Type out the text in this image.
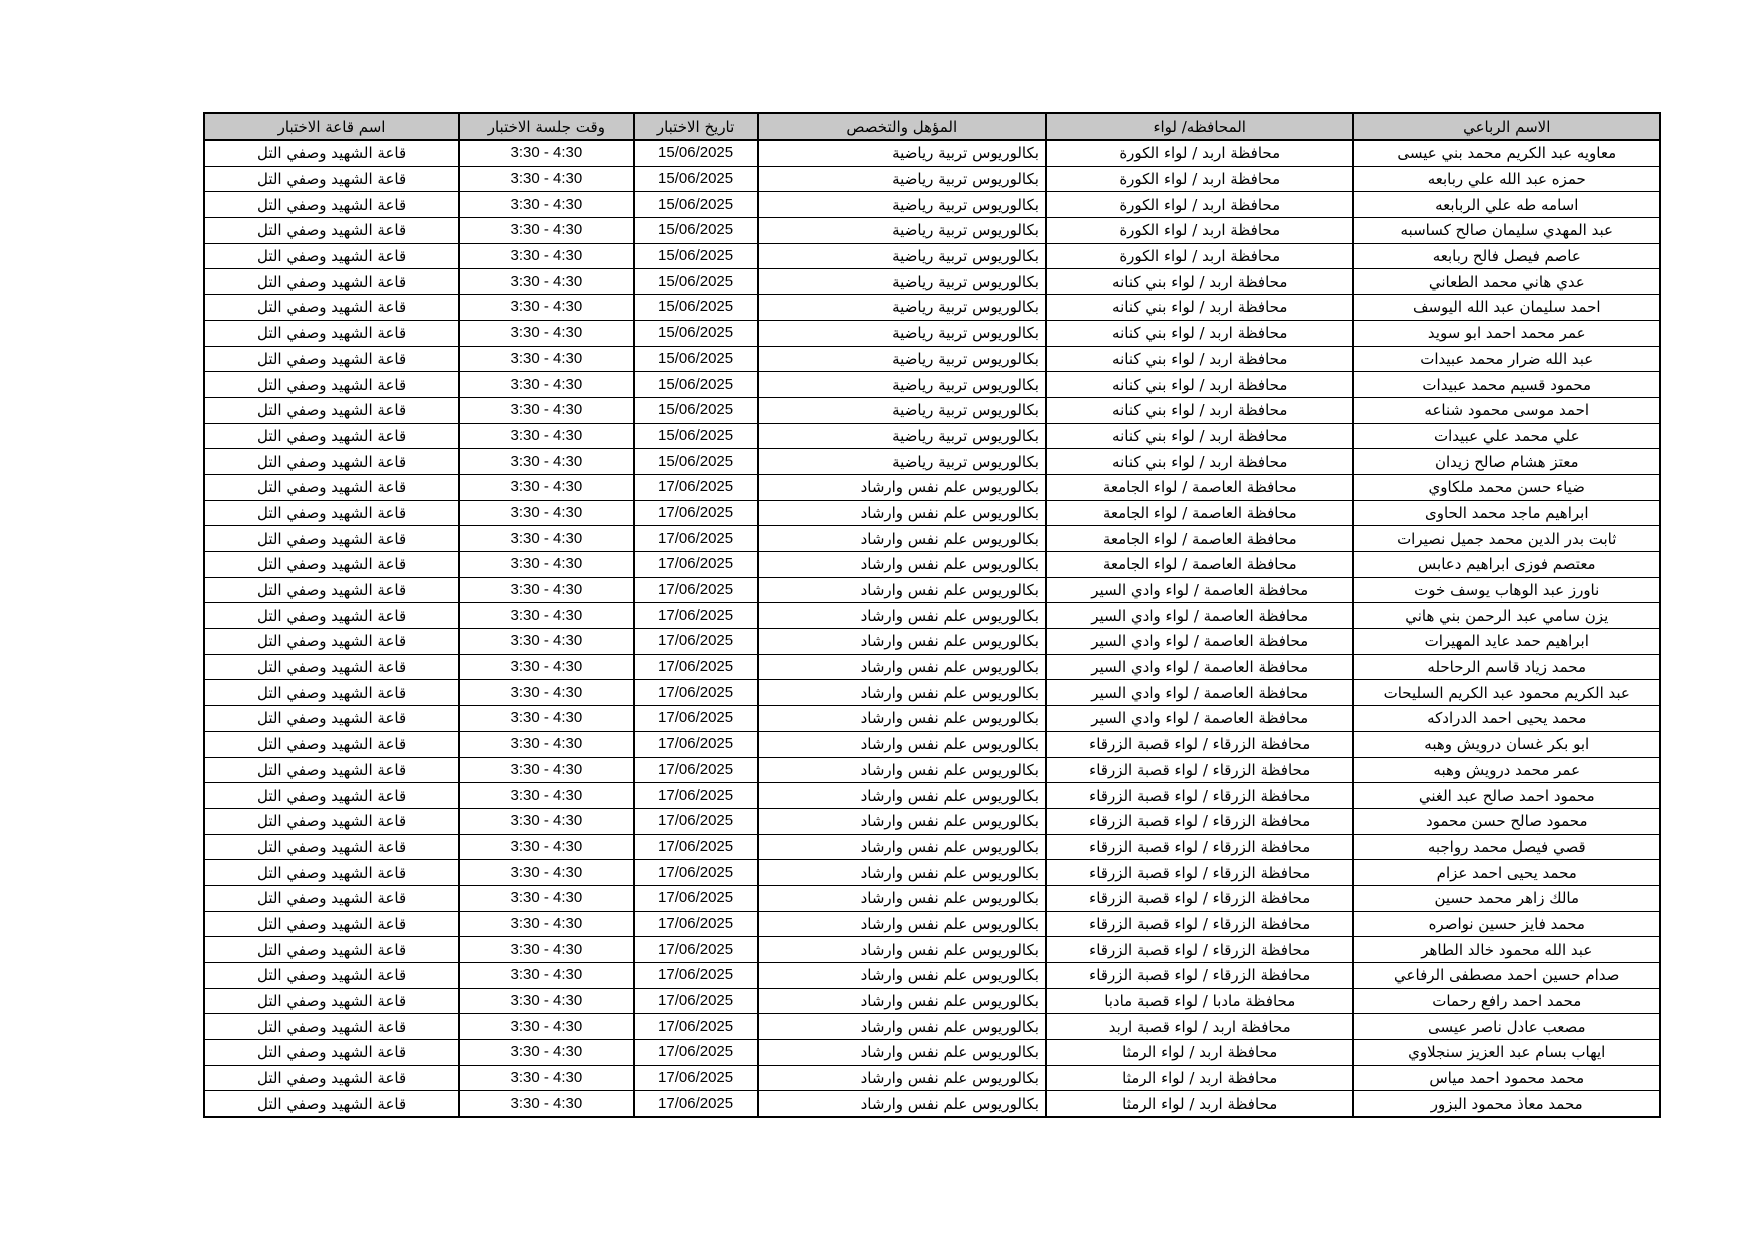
الاسم الرباعي	المحافظه/ لواء	المؤهل والتخصص	تاريخ الاختبار	وقت جلسة الاختبار	اسم قاعة الاختبار
معاويه عبد الكريم محمد بني عيسى	محافظة اربد / لواء الكورة	بكالوريوس تربية رياضية	15/06/2025	3:30 - 4:30	قاعة الشهيد وصفي التل
حمزه عبد الله علي ربابعه	محافظة اربد / لواء الكورة	بكالوريوس تربية رياضية	15/06/2025	3:30 - 4:30	قاعة الشهيد وصفي التل
اسامه طه علي الربابعه	محافظة اربد / لواء الكورة	بكالوريوس تربية رياضية	15/06/2025	3:30 - 4:30	قاعة الشهيد وصفي التل
عبد المهدي سليمان صالح كساسبه	محافظة اربد / لواء الكورة	بكالوريوس تربية رياضية	15/06/2025	3:30 - 4:30	قاعة الشهيد وصفي التل
عاصم فيصل فالح ربابعه	محافظة اربد / لواء الكورة	بكالوريوس تربية رياضية	15/06/2025	3:30 - 4:30	قاعة الشهيد وصفي التل
عدي هاني محمد الطعاني	محافظة اربد / لواء بني كنانه	بكالوريوس تربية رياضية	15/06/2025	3:30 - 4:30	قاعة الشهيد وصفي التل
احمد سليمان عبد الله اليوسف	محافظة اربد / لواء بني كنانه	بكالوريوس تربية رياضية	15/06/2025	3:30 - 4:30	قاعة الشهيد وصفي التل
عمر محمد احمد ابو سويد	محافظة اربد / لواء بني كنانه	بكالوريوس تربية رياضية	15/06/2025	3:30 - 4:30	قاعة الشهيد وصفي التل
عبد الله ضرار محمد عبيدات	محافظة اربد / لواء بني كنانه	بكالوريوس تربية رياضية	15/06/2025	3:30 - 4:30	قاعة الشهيد وصفي التل
محمود قسيم محمد عبيدات	محافظة اربد / لواء بني كنانه	بكالوريوس تربية رياضية	15/06/2025	3:30 - 4:30	قاعة الشهيد وصفي التل
احمد موسى محمود شناعه	محافظة اربد / لواء بني كنانه	بكالوريوس تربية رياضية	15/06/2025	3:30 - 4:30	قاعة الشهيد وصفي التل
علي محمد علي عبيدات	محافظة اربد / لواء بني كنانه	بكالوريوس تربية رياضية	15/06/2025	3:30 - 4:30	قاعة الشهيد وصفي التل
معتز هشام صالح زيدان	محافظة اربد / لواء بني كنانه	بكالوريوس تربية رياضية	15/06/2025	3:30 - 4:30	قاعة الشهيد وصفي التل
ضياء حسن محمد ملكاوي	محافظة العاصمة / لواء الجامعة	بكالوريوس علم نفس وارشاد	17/06/2025	3:30 - 4:30	قاعة الشهيد وصفي التل
ابراهيم ماجد محمد الحاوى	محافظة العاصمة / لواء الجامعة	بكالوريوس علم نفس وارشاد	17/06/2025	3:30 - 4:30	قاعة الشهيد وصفي التل
ثابت بدر الدين محمد جميل نصيرات	محافظة العاصمة / لواء الجامعة	بكالوريوس علم نفس وارشاد	17/06/2025	3:30 - 4:30	قاعة الشهيد وصفي التل
معتصم فوزى ابراهيم دعابس	محافظة العاصمة / لواء الجامعة	بكالوريوس علم نفس وارشاد	17/06/2025	3:30 - 4:30	قاعة الشهيد وصفي التل
ناورز عبد الوهاب يوسف خوت	محافظة العاصمة / لواء وادي السير	بكالوريوس علم نفس وارشاد	17/06/2025	3:30 - 4:30	قاعة الشهيد وصفي التل
يزن سامي عبد الرحمن بني هاني	محافظة العاصمة / لواء وادي السير	بكالوريوس علم نفس وارشاد	17/06/2025	3:30 - 4:30	قاعة الشهيد وصفي التل
ابراهيم حمد عايد المهيرات	محافظة العاصمة / لواء وادي السير	بكالوريوس علم نفس وارشاد	17/06/2025	3:30 - 4:30	قاعة الشهيد وصفي التل
محمد زياد قاسم الرحاحله	محافظة العاصمة / لواء وادي السير	بكالوريوس علم نفس وارشاد	17/06/2025	3:30 - 4:30	قاعة الشهيد وصفي التل
عبد الكريم محمود عبد الكريم السليحات	محافظة العاصمة / لواء وادي السير	بكالوريوس علم نفس وارشاد	17/06/2025	3:30 - 4:30	قاعة الشهيد وصفي التل
محمد يحيى احمد الدرادكه	محافظة العاصمة / لواء وادي السير	بكالوريوس علم نفس وارشاد	17/06/2025	3:30 - 4:30	قاعة الشهيد وصفي التل
ابو بكر غسان درويش وهبه	محافظة الزرقاء / لواء قصبة الزرقاء	بكالوريوس علم نفس وارشاد	17/06/2025	3:30 - 4:30	قاعة الشهيد وصفي التل
عمر محمد درويش وهبه	محافظة الزرقاء / لواء قصبة الزرقاء	بكالوريوس علم نفس وارشاد	17/06/2025	3:30 - 4:30	قاعة الشهيد وصفي التل
محمود احمد صالح عبد الغني	محافظة الزرقاء / لواء قصبة الزرقاء	بكالوريوس علم نفس وارشاد	17/06/2025	3:30 - 4:30	قاعة الشهيد وصفي التل
محمود صالح حسن محمود	محافظة الزرقاء / لواء قصبة الزرقاء	بكالوريوس علم نفس وارشاد	17/06/2025	3:30 - 4:30	قاعة الشهيد وصفي التل
قصي فيصل محمد رواجبه	محافظة الزرقاء / لواء قصبة الزرقاء	بكالوريوس علم نفس وارشاد	17/06/2025	3:30 - 4:30	قاعة الشهيد وصفي التل
محمد يحيى احمد عزام	محافظة الزرقاء / لواء قصبة الزرقاء	بكالوريوس علم نفس وارشاد	17/06/2025	3:30 - 4:30	قاعة الشهيد وصفي التل
مالك زاهر محمد حسين	محافظة الزرقاء / لواء قصبة الزرقاء	بكالوريوس علم نفس وارشاد	17/06/2025	3:30 - 4:30	قاعة الشهيد وصفي التل
محمد فايز حسين نواصره	محافظة الزرقاء / لواء قصبة الزرقاء	بكالوريوس علم نفس وارشاد	17/06/2025	3:30 - 4:30	قاعة الشهيد وصفي التل
عبد الله محمود خالد الطاهر	محافظة الزرقاء / لواء قصبة الزرقاء	بكالوريوس علم نفس وارشاد	17/06/2025	3:30 - 4:30	قاعة الشهيد وصفي التل
صدام حسين احمد مصطفى الرفاعي	محافظة الزرقاء / لواء قصبة الزرقاء	بكالوريوس علم نفس وارشاد	17/06/2025	3:30 - 4:30	قاعة الشهيد وصفي التل
محمد احمد رافع رحمات	محافظة مادبا / لواء قصبة مادبا	بكالوريوس علم نفس وارشاد	17/06/2025	3:30 - 4:30	قاعة الشهيد وصفي التل
مصعب عادل ناصر عيسى	محافظة اربد / لواء قصبة اربد	بكالوريوس علم نفس وارشاد	17/06/2025	3:30 - 4:30	قاعة الشهيد وصفي التل
ايهاب بسام عبد العزيز سنجلاوي	محافظة اربد / لواء الرمثا	بكالوريوس علم نفس وارشاد	17/06/2025	3:30 - 4:30	قاعة الشهيد وصفي التل
محمد محمود احمد مياس	محافظة اربد / لواء الرمثا	بكالوريوس علم نفس وارشاد	17/06/2025	3:30 - 4:30	قاعة الشهيد وصفي التل
محمد معاذ محمود البزور	محافظة اربد / لواء الرمثا	بكالوريوس علم نفس وارشاد	17/06/2025	3:30 - 4:30	قاعة الشهيد وصفي التل
